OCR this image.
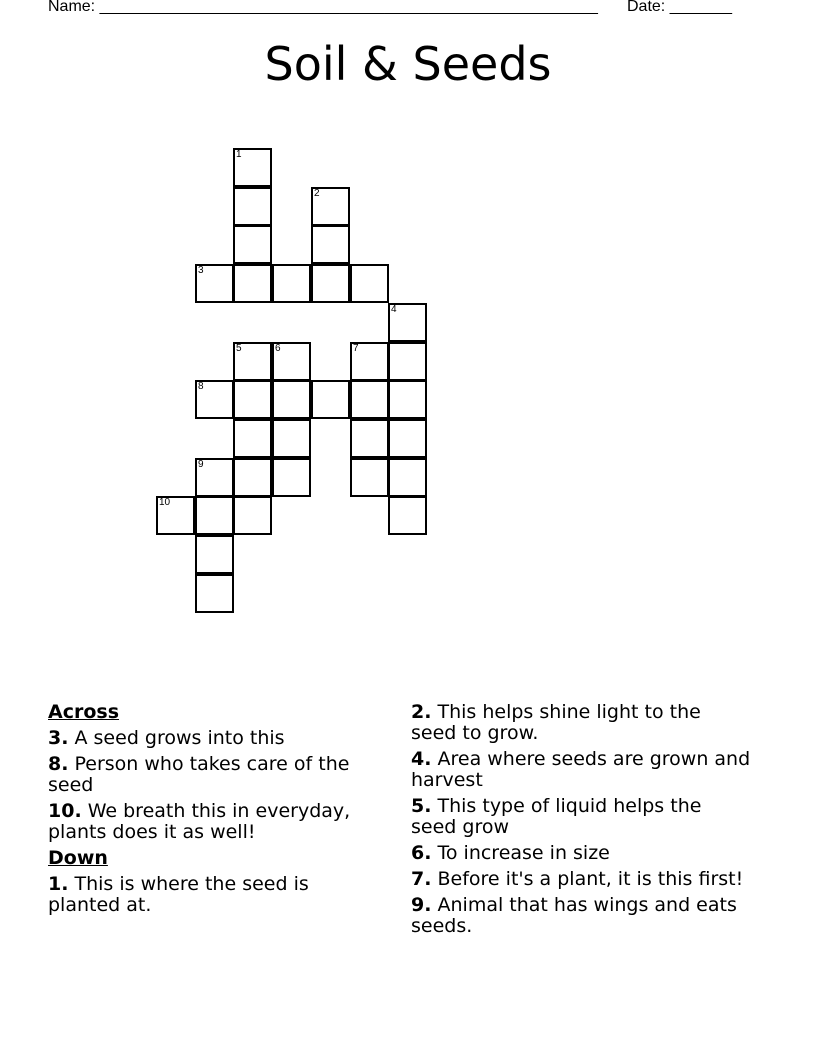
Name: ________________________________________________________ Date: _______
Soil & Seeds
1
2
3
4
5	6	7
8
9
10
Across
3. A seed grows into this
8. Person who takes care of the seed
10. We breath this in everyday, plants does it as well!
Down
1. This is where the seed is planted at.
2. This helps shine light to the seed to grow.
4. Area where seeds are grown and harvest
5. This type of liquid helps the seed grow
6. To increase in size
7. Before it's a plant, it is this first!
9. Animal that has wings and eats seeds.
